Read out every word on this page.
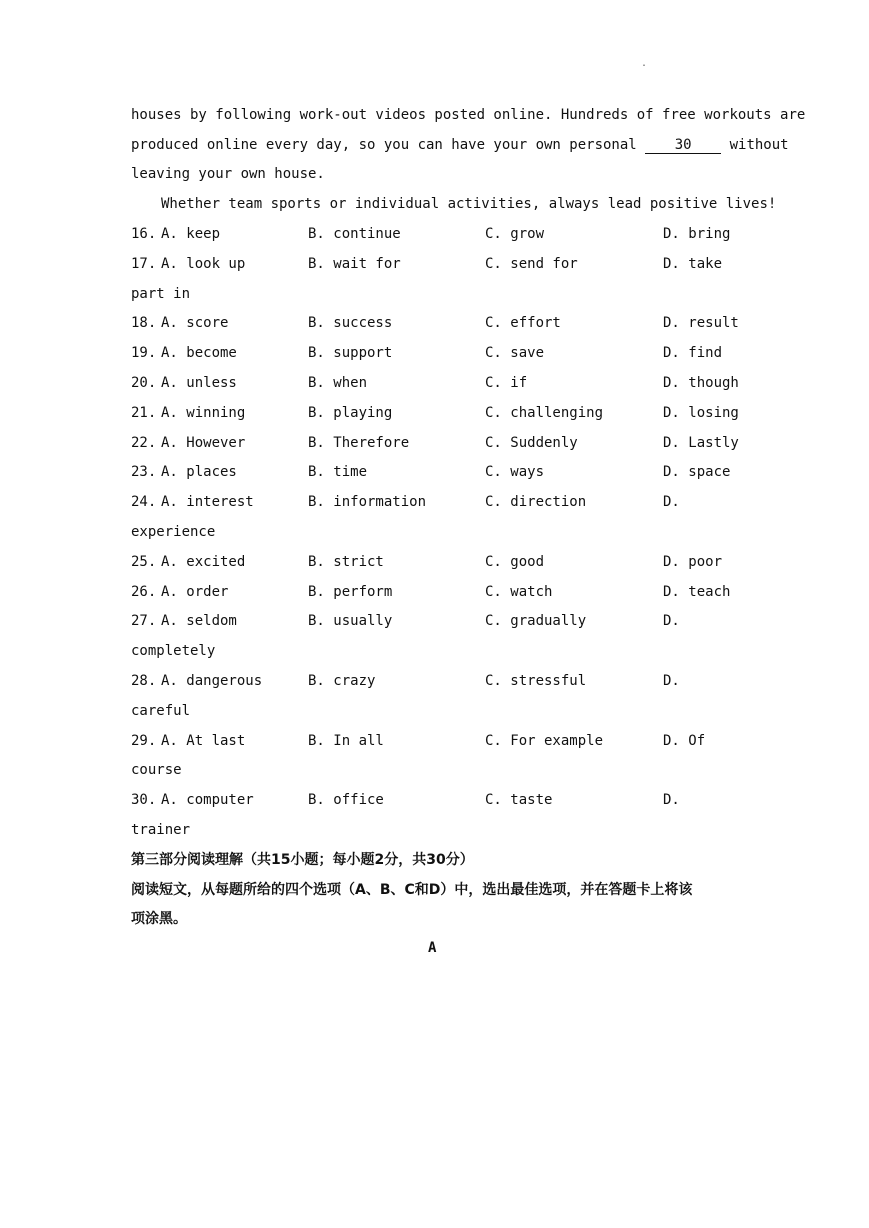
.
houses by following work-out videos posted online. Hundreds of free workouts are
produced online every day, so you can have your own personal 30 without
leaving your own house.
Whether team sports or individual activities, always lead positive lives!
16. A. keep	B. continue	C. grow	D. bring
17. A. look up	B. wait for	C. send for	D. take
part in
18. A. score	B. success	C. effort	D. result
19. A. become	B. support	C. save	D. find
20. A. unless	B. when	C. if	D. though
21. A. winning	B. playing	C. challenging	D. losing
22. A. However	B. Therefore	C. Suddenly	D. Lastly
23. A. places	B. time	C. ways	D. space
24. A. interest	B. information	C. direction	D.
experience
25. A. excited	B. strict	C. good	D. poor
26. A. order	B. perform	C. watch	D. teach
27. A. seldom	B. usually	C. gradually	D.
completely
28. A. dangerous	B. crazy	C. stressful	D.
careful
29. A. At last	B. In all	C. For example	D. Of
course
30. A. computer	B. office	C. taste	D.
trainer
第三部分阅读理解（共15小题；每小题2分，共30分）
阅读短文，从每题所给的四个选项（A、B、C和D）中，选出最佳选项，并在答题卡上将该
项涂黑。
A
